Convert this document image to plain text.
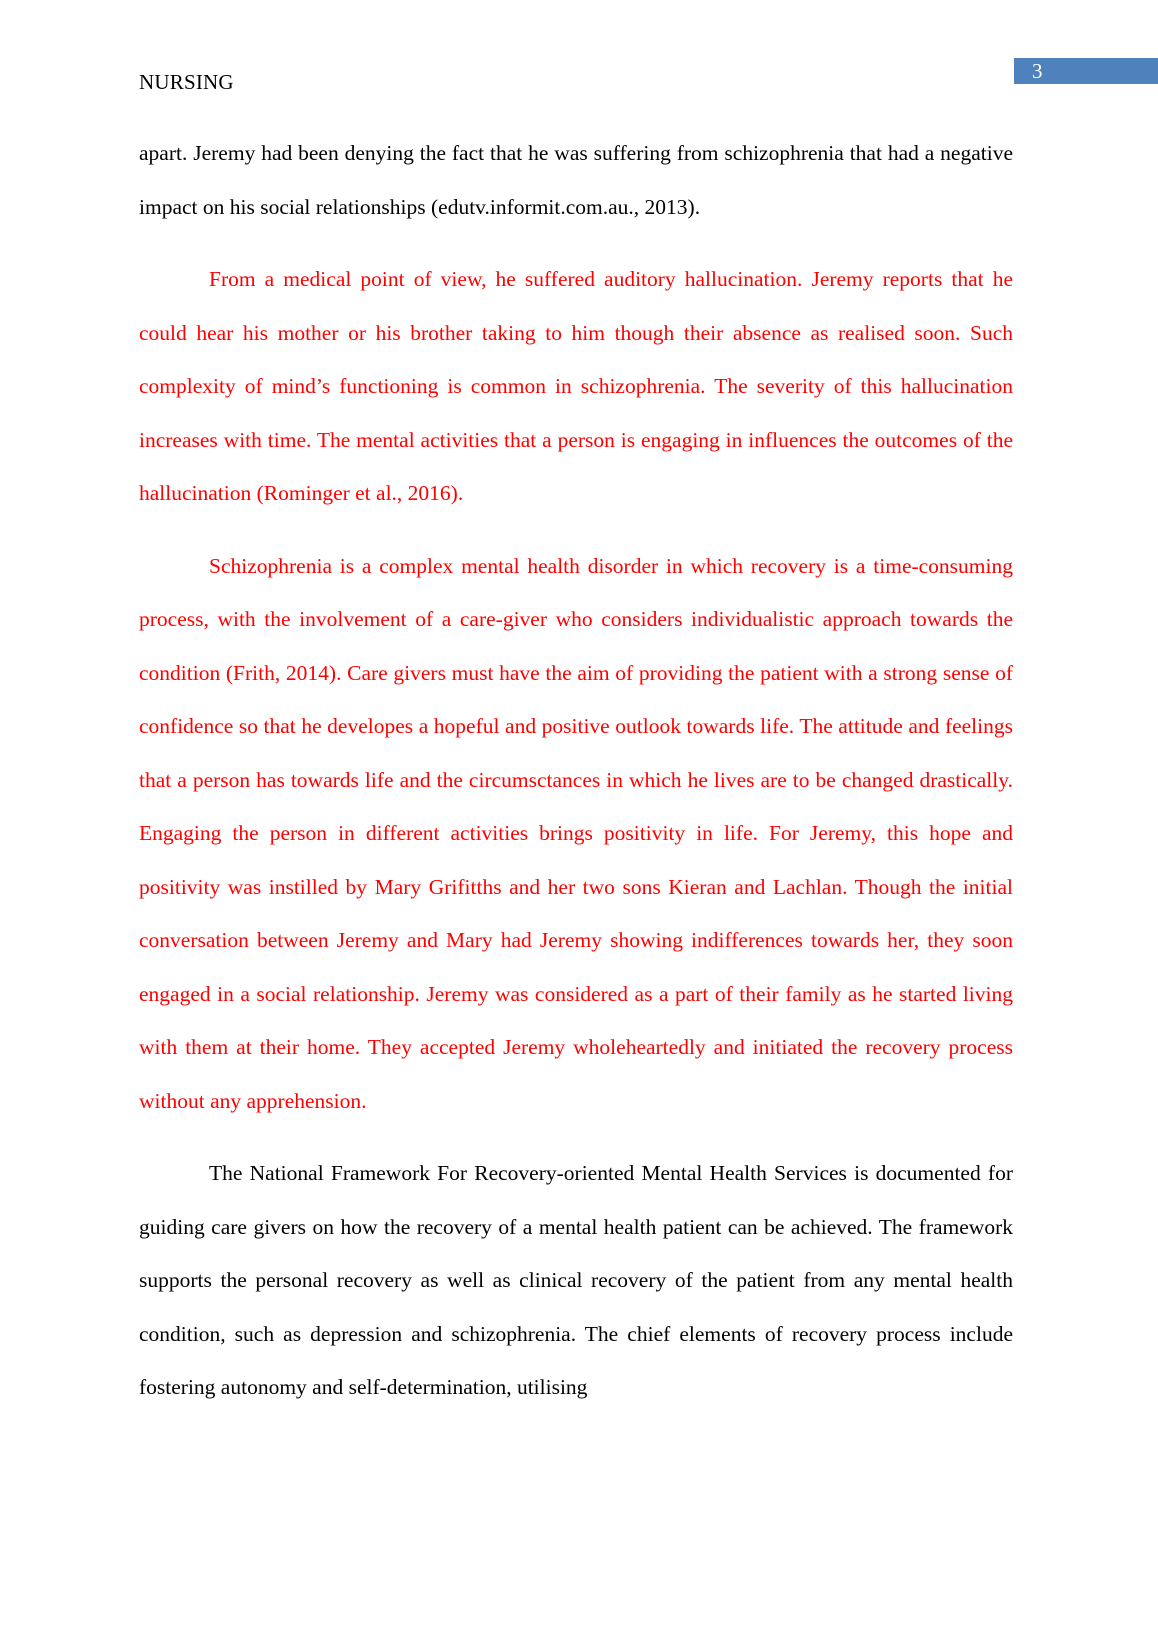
3
NURSING

apart. Jeremy had been denying the fact that he was suffering from schizophrenia that had a negative impact on his social relationships (edutv.informit.com.au., 2013).

From a medical point of view, he suffered auditory hallucination. Jeremy reports that he could hear his mother or his brother taking to him though their absence as realised soon. Such complexity of mind’s functioning is common in schizophrenia. The severity of this hallucination increases with time. The mental activities that a person is engaging in influences the outcomes of the hallucination (Rominger et al., 2016).

Schizophrenia is a complex mental health disorder in which recovery is a time-consuming process, with the involvement of a care-giver who considers individualistic approach towards the condition (Frith, 2014). Care givers must have the aim of providing the patient with a strong sense of confidence so that he developes a hopeful and positive outlook towards life. The attitude and feelings that a person has towards life and the circumsctances in which he lives are to be changed drastically. Engaging the person in different activities brings positivity in life. For Jeremy, this hope and positivity was instilled by Mary Grifitths and her two sons Kieran and Lachlan. Though the initial conversation between Jeremy and Mary had Jeremy showing indifferences towards her, they soon engaged in a social relationship. Jeremy was considered as a part of their family as he started living with them at their home. They accepted Jeremy wholeheartedly and initiated the recovery process without any apprehension.

The National Framework For Recovery-oriented Mental Health Services is documented for guiding care givers on how the recovery of a mental health patient can be achieved. The framework supports the personal recovery as well as clinical recovery of the patient from any mental health condition, such as depression and schizophrenia. The chief elements of recovery process include fostering autonomy and self-determination, utilising
